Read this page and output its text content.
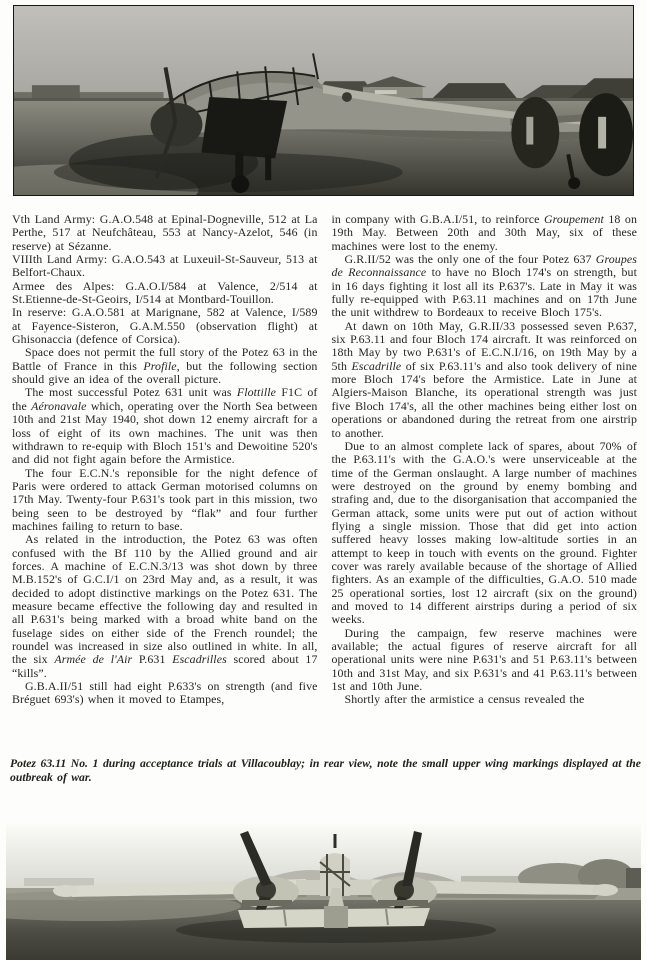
Vth Land Army: G.A.O.548 at Epinal-Dogneville, 512 at La Perthe, 517 at Neufchâteau, 553 at Nancy-Azelot, 546 (in reserve) at Sézanne.

VIIIth Land Army: G.A.O.543 at Luxeuil-St-Sauveur, 513 at Belfort-Chaux.

Armee des Alpes: G.A.O.I/584 at Valence, 2/514 at St.Etienne-de-St-Geoirs, I/514 at Montbard-Touillon.

In reserve: G.A.O.581 at Marignane, 582 at Valence, I/589 at Fayence-Sisteron, G.A.M.550 (observation flight) at Ghisonaccia (defence of Corsica).

Space does not permit the full story of the Potez 63 in the Battle of France in this Profile, but the following section should give an idea of the overall picture.

The most successful Potez 631 unit was Flottille F1C of the Aéronavale which, operating over the North Sea between 10th and 21st May 1940, shot down 12 enemy aircraft for a loss of eight of its own machines. The unit was then withdrawn to re-equip with Bloch 151's and Dewoitine 520's and did not fight again before the Armistice.

The four E.C.N.'s reponsible for the night defence of Paris were ordered to attack German motorised columns on 17th May. Twenty-four P.631's took part in this mission, two being seen to be destroyed by “flak” and four further machines failing to return to base.

As related in the introduction, the Potez 63 was often confused with the Bf 110 by the Allied ground and air forces. A machine of E.C.N.3/13 was shot down by three M.B.152's of G.C.I/1 on 23rd May and, as a result, it was decided to adopt distinctive markings on the Potez 631. The measure became effective the following day and resulted in all P.631's being marked with a broad white band on the fuselage sides on either side of the French roundel; the roundel was increased in size also outlined in white. In all, the six Armée de l'Air P.631 Escadrilles scored about 17 “kills”.

G.B.A.II/51 still had eight P.633's on strength (and five Bréguet 693's) when it moved to Etampes,

in company with G.B.A.I/51, to reinforce Groupement 18 on 19th May. Between 20th and 30th May, six of these machines were lost to the enemy.

G.R.II/52 was the only one of the four Potez 637 Groupes de Reconnaissance to have no Bloch 174's on strength, but in 16 days fighting it lost all its P.637's. Late in May it was fully re-equipped with P.63.11 machines and on 17th June the unit withdrew to Bordeaux to receive Bloch 175's.

At dawn on 10th May, G.R.II/33 possessed seven P.637, six P.63.11 and four Bloch 174 aircraft. It was reinforced on 18th May by two P.631's of E.C.N.I/16, on 19th May by a 5th Escadrille of six P.63.11's and also took delivery of nine more Bloch 174's before the Armistice. Late in June at Algiers-Maison Blanche, its operational strength was just five Bloch 174's, all the other machines being either lost on operations or abandoned during the retreat from one airstrip to another.

Due to an almost complete lack of spares, about 70% of the P.63.11's with the G.A.O.'s were unserviceable at the time of the German onslaught. A large number of machines were destroyed on the ground by enemy bombing and strafing and, due to the disorganisation that accompanied the German attack, some units were put out of action without flying a single mission. Those that did get into action suffered heavy losses making low-altitude sorties in an attempt to keep in touch with events on the ground. Fighter cover was rarely available because of the shortage of Allied fighters. As an example of the difficulties, G.A.O. 510 made 25 operational sorties, lost 12 aircraft (six on the ground) and moved to 14 different airstrips during a period of six weeks.

During the campaign, few reserve machines were available; the actual figures of reserve aircraft for all operational units were nine P.631's and 51 P.63.11's between 10th and 31st May, and six P.631's and 41 P.63.11's between 1st and 10th June.

Shortly after the armistice a census revealed the

Potez 63.11 No. 1 during acceptance trials at Villacoublay; in rear view, note the small upper wing markings displayed at the outbreak of war.
